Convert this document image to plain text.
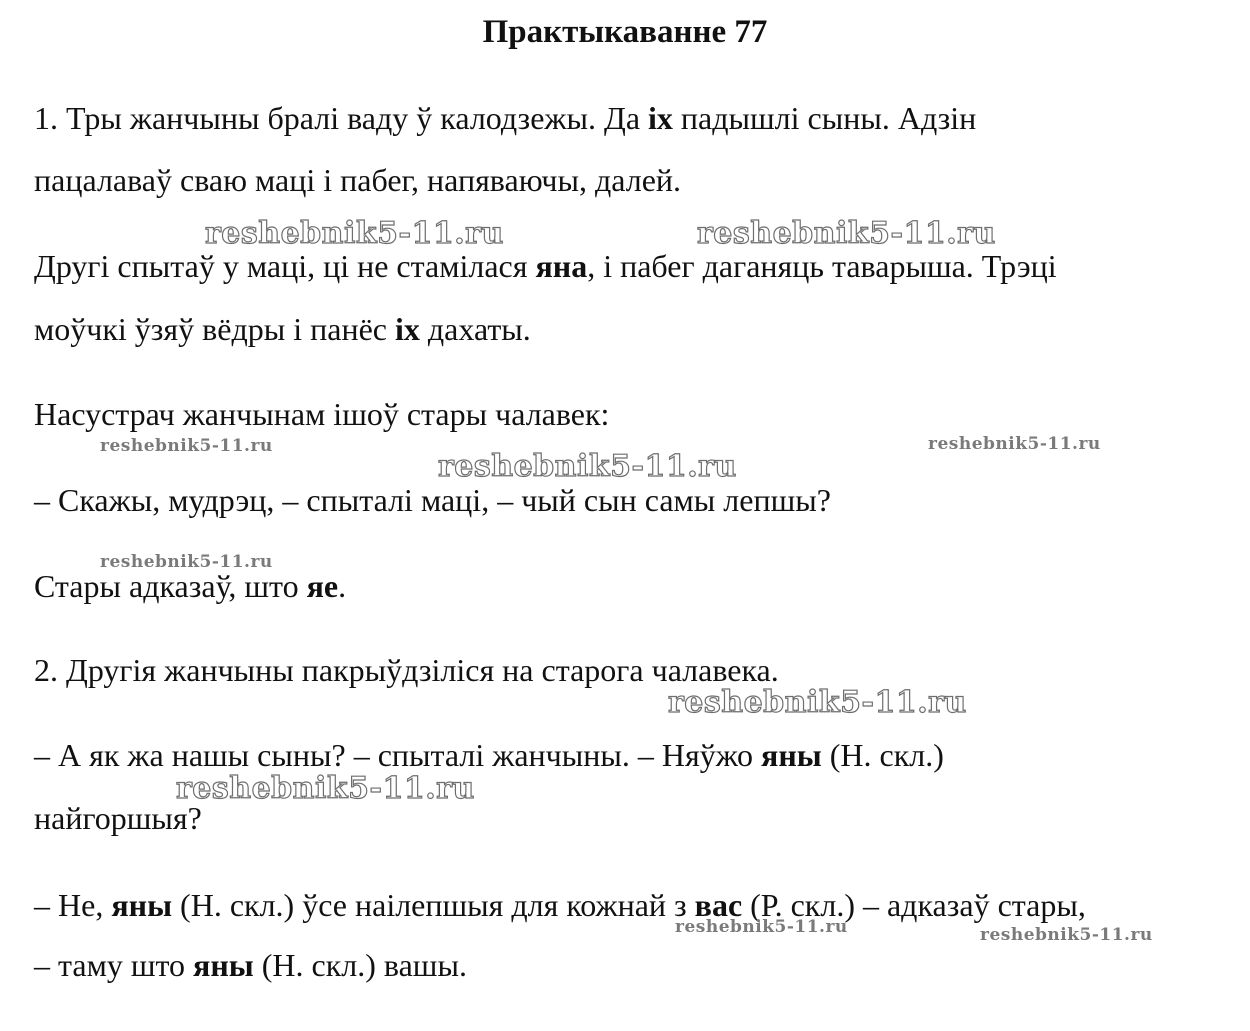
Практыкаванне 77
1. Тры жанчыны бралі ваду ў калодзежы. Да іх падышлі сыны. Адзін
пацалаваў сваю маці і пабег, напяваючы, далей.
Другі спытаў у маці, ці не стамілася яна, і пабег даганяць таварыша. Трэці
моўчкі ўзяў вёдры і панёс іх дахаты.
Насустрач жанчынам ішоў стары чалавек:
– Скажы, мудрэц, – спыталі маці, – чый сын самы лепшы?
Стары адказаў, што яе.
2. Другія жанчыны пакрыўдзіліся на старога чалавека.
– А як жа нашы сыны? – спыталі жанчыны. – Няўжо яны (Н. скл.)
найгоршыя?
– Не, яны (Н. скл.) ўсе наілепшыя для кожнай з вас (Р. скл.) – адказаў стары,
– таму што яны (Н. скл.) вашы.
reshebnik5-11.ru	reshebnik5-11.ru
reshebnik5-11.ru
reshebnik5-11.ru
reshebnik5-11.ru
reshebnik5-11.ru
reshebnik5-11.ru
reshebnik5-11.ru
reshebnik5-11.ru	reshebnik5-11.ru
